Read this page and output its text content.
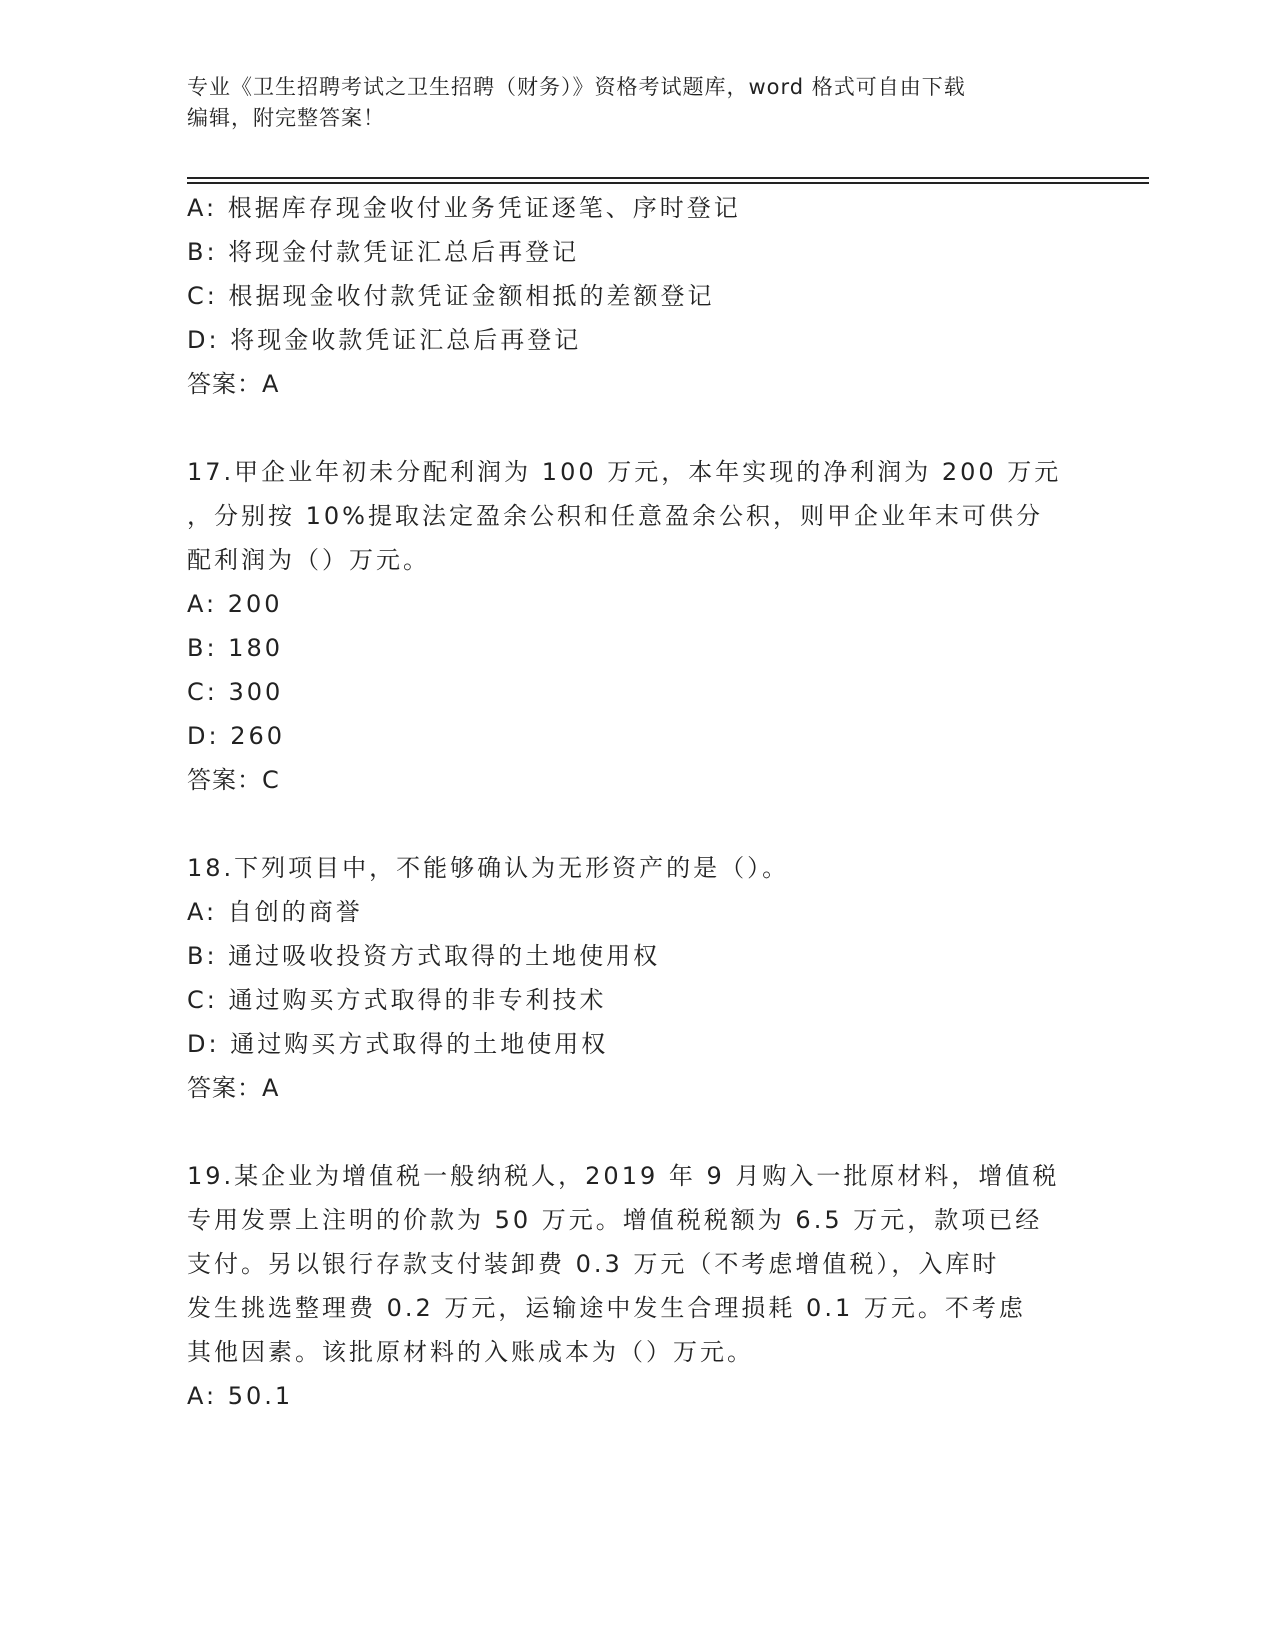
专业《卫生招聘考试之卫生招聘（财务）》资格考试题库，word 格式可自由下载
编辑，附完整答案！
A: 根据库存现金收付业务凭证逐笔、序时登记
B: 将现金付款凭证汇总后再登记
C: 根据现金收付款凭证金额相抵的差额登记
D: 将现金收款凭证汇总后再登记
答案：A
17.甲企业年初未分配利润为 100 万元，本年实现的净利润为 200 万元
，分别按 10%提取法定盈余公积和任意盈余公积，则甲企业年末可供分
配利润为（）万元。
A: 200
B: 180
C: 300
D: 260
答案：C
18.下列项目中，不能够确认为无形资产的是（）。
A: 自创的商誉
B: 通过吸收投资方式取得的土地使用权
C: 通过购买方式取得的非专利技术
D: 通过购买方式取得的土地使用权
答案：A
19.某企业为增值税一般纳税人，2019 年 9 月购入一批原材料，增值税
专用发票上注明的价款为 50 万元。增值税税额为 6.5 万元，款项已经
支付。另以银行存款支付装卸费 0.3 万元（不考虑增值税），入库时
发生挑选整理费 0.2 万元，运输途中发生合理损耗 0.1 万元。不考虑
其他因素。该批原材料的入账成本为（）万元。
A: 50.1
